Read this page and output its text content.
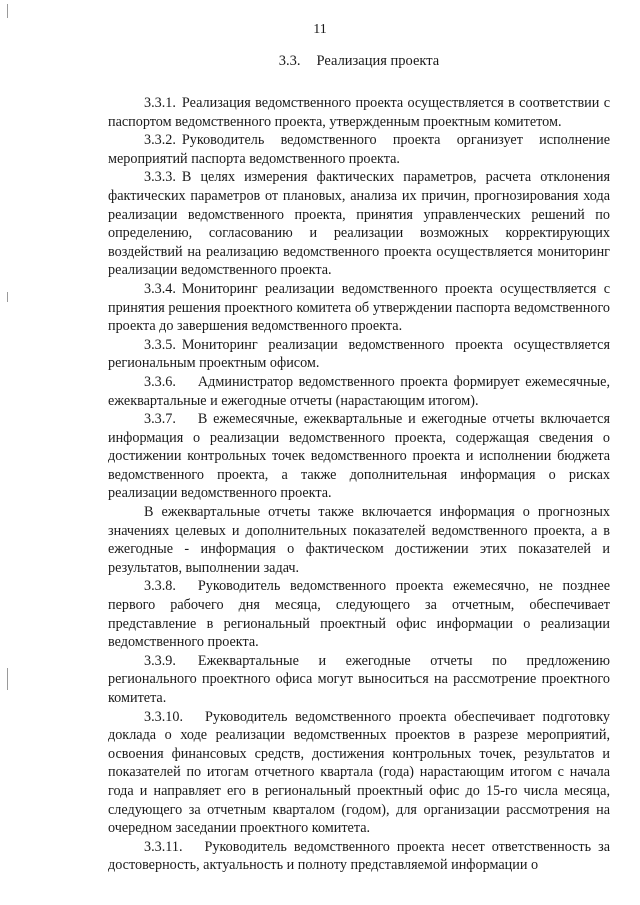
11
3.3. Реализация проекта

3.3.1. Реализация ведомственного проекта осуществляется в соответствии с паспортом ведомственного проекта, утвержденным проектным комитетом.

3.3.2. Руководитель ведомственного проекта организует исполнение мероприятий паспорта ведомственного проекта.

3.3.3. В целях измерения фактических параметров, расчета отклонения фактических параметров от плановых, анализа их причин, прогнозирования хода реализации ведомственного проекта, принятия управленческих решений по определению, согласованию и реализации возможных корректирующих воздействий на реализацию ведомственного проекта осуществляется мониторинг реализации ведомственного проекта.

3.3.4. Мониторинг реализации ведомственного проекта осуществляется с принятия решения проектного комитета об утверждении паспорта ведомственного проекта до завершения ведомственного проекта.

3.3.5. Мониторинг реализации ведомственного проекта осуществляется региональным проектным офисом.

3.3.6. Администратор ведомственного проекта формирует ежемесячные, ежеквартальные и ежегодные отчеты (нарастающим итогом).

3.3.7. В ежемесячные, ежеквартальные и ежегодные отчеты включается информация о реализации ведомственного проекта, содержащая сведения о достижении контрольных точек ведомственного проекта и исполнении бюджета ведомственного проекта, а также дополнительная информация о рисках реализации ведомственного проекта.

В ежеквартальные отчеты также включается информация о прогнозных значениях целевых и дополнительных показателей ведомственного проекта, а в ежегодные - информация о фактическом достижении этих показателей и результатов, выполнении задач.

3.3.8. Руководитель ведомственного проекта ежемесячно, не позднее первого рабочего дня месяца, следующего за отчетным, обеспечивает представление в региональный проектный офис информации о реализации ведомственного проекта.

3.3.9. Ежеквартальные и ежегодные отчеты по предложению регионального проектного офиса могут выноситься на рассмотрение проектного комитета.

3.3.10. Руководитель ведомственного проекта обеспечивает подготовку доклада о ходе реализации ведомственных проектов в разрезе мероприятий, освоения финансовых средств, достижения контрольных точек, результатов и показателей по итогам отчетного квартала (года) нарастающим итогом с начала года и направляет его в региональный проектный офис до 15-го числа месяца, следующего за отчетным кварталом (годом), для организации рассмотрения на очередном заседании проектного комитета.

3.3.11. Руководитель ведомственного проекта несет ответственность за достоверность, актуальность и полноту представляемой информации о
